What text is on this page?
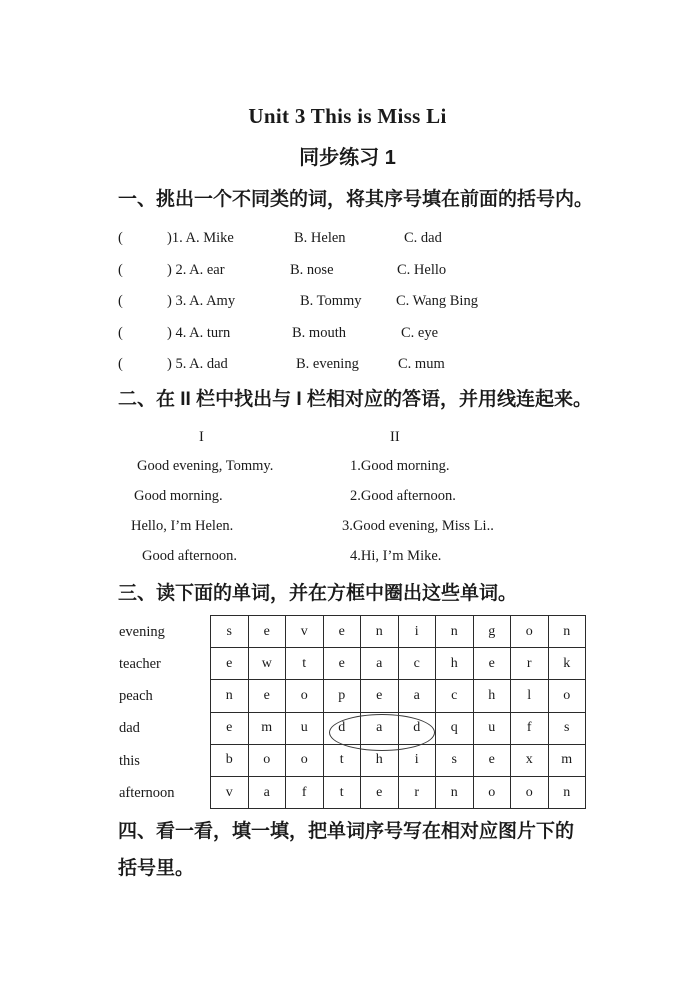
Unit 3 This is Miss Li
同步练习 1
一、挑出一个不同类的词，将其序号填在前面的括号内。
(	)1. A. Mike	B. Helen	C. dad
(	) 2. A. ear	B. nose	C. Hello
(	) 3. A. Amy	B. Tommy C. Wang Bing
(	) 4. A. turn	B. mouth	C. eye
(	) 5. A. dad	B. evening	C. mum
二、在 II 栏中找出与 I 栏相对应的答语，并用线连起来。
I	II
Good evening, Tommy.	1.Good morning.
Good morning.	2.Good afternoon.
Hello, I’m Helen.	3.Good evening, Miss Li..
Good afternoon.	4.Hi, I’m Mike.
三、读下面的单词，并在方框中圈出这些单词。
evening
teacher
peach
dad
this
afternoon
s	e	v	e	n	i	n	g	o	n
e	w	t	e	a	c	h	e	r	k
n	e	o	p	e	a	c	h	l	o
e	m	u	d	a	d	q	u	f	s
b	o	o	t	h	i	s	e	x	m
v	a	f	t	e	r	n	o	o	n
四、看一看，填一填，把单词序号写在相对应图片下的
括号里。
